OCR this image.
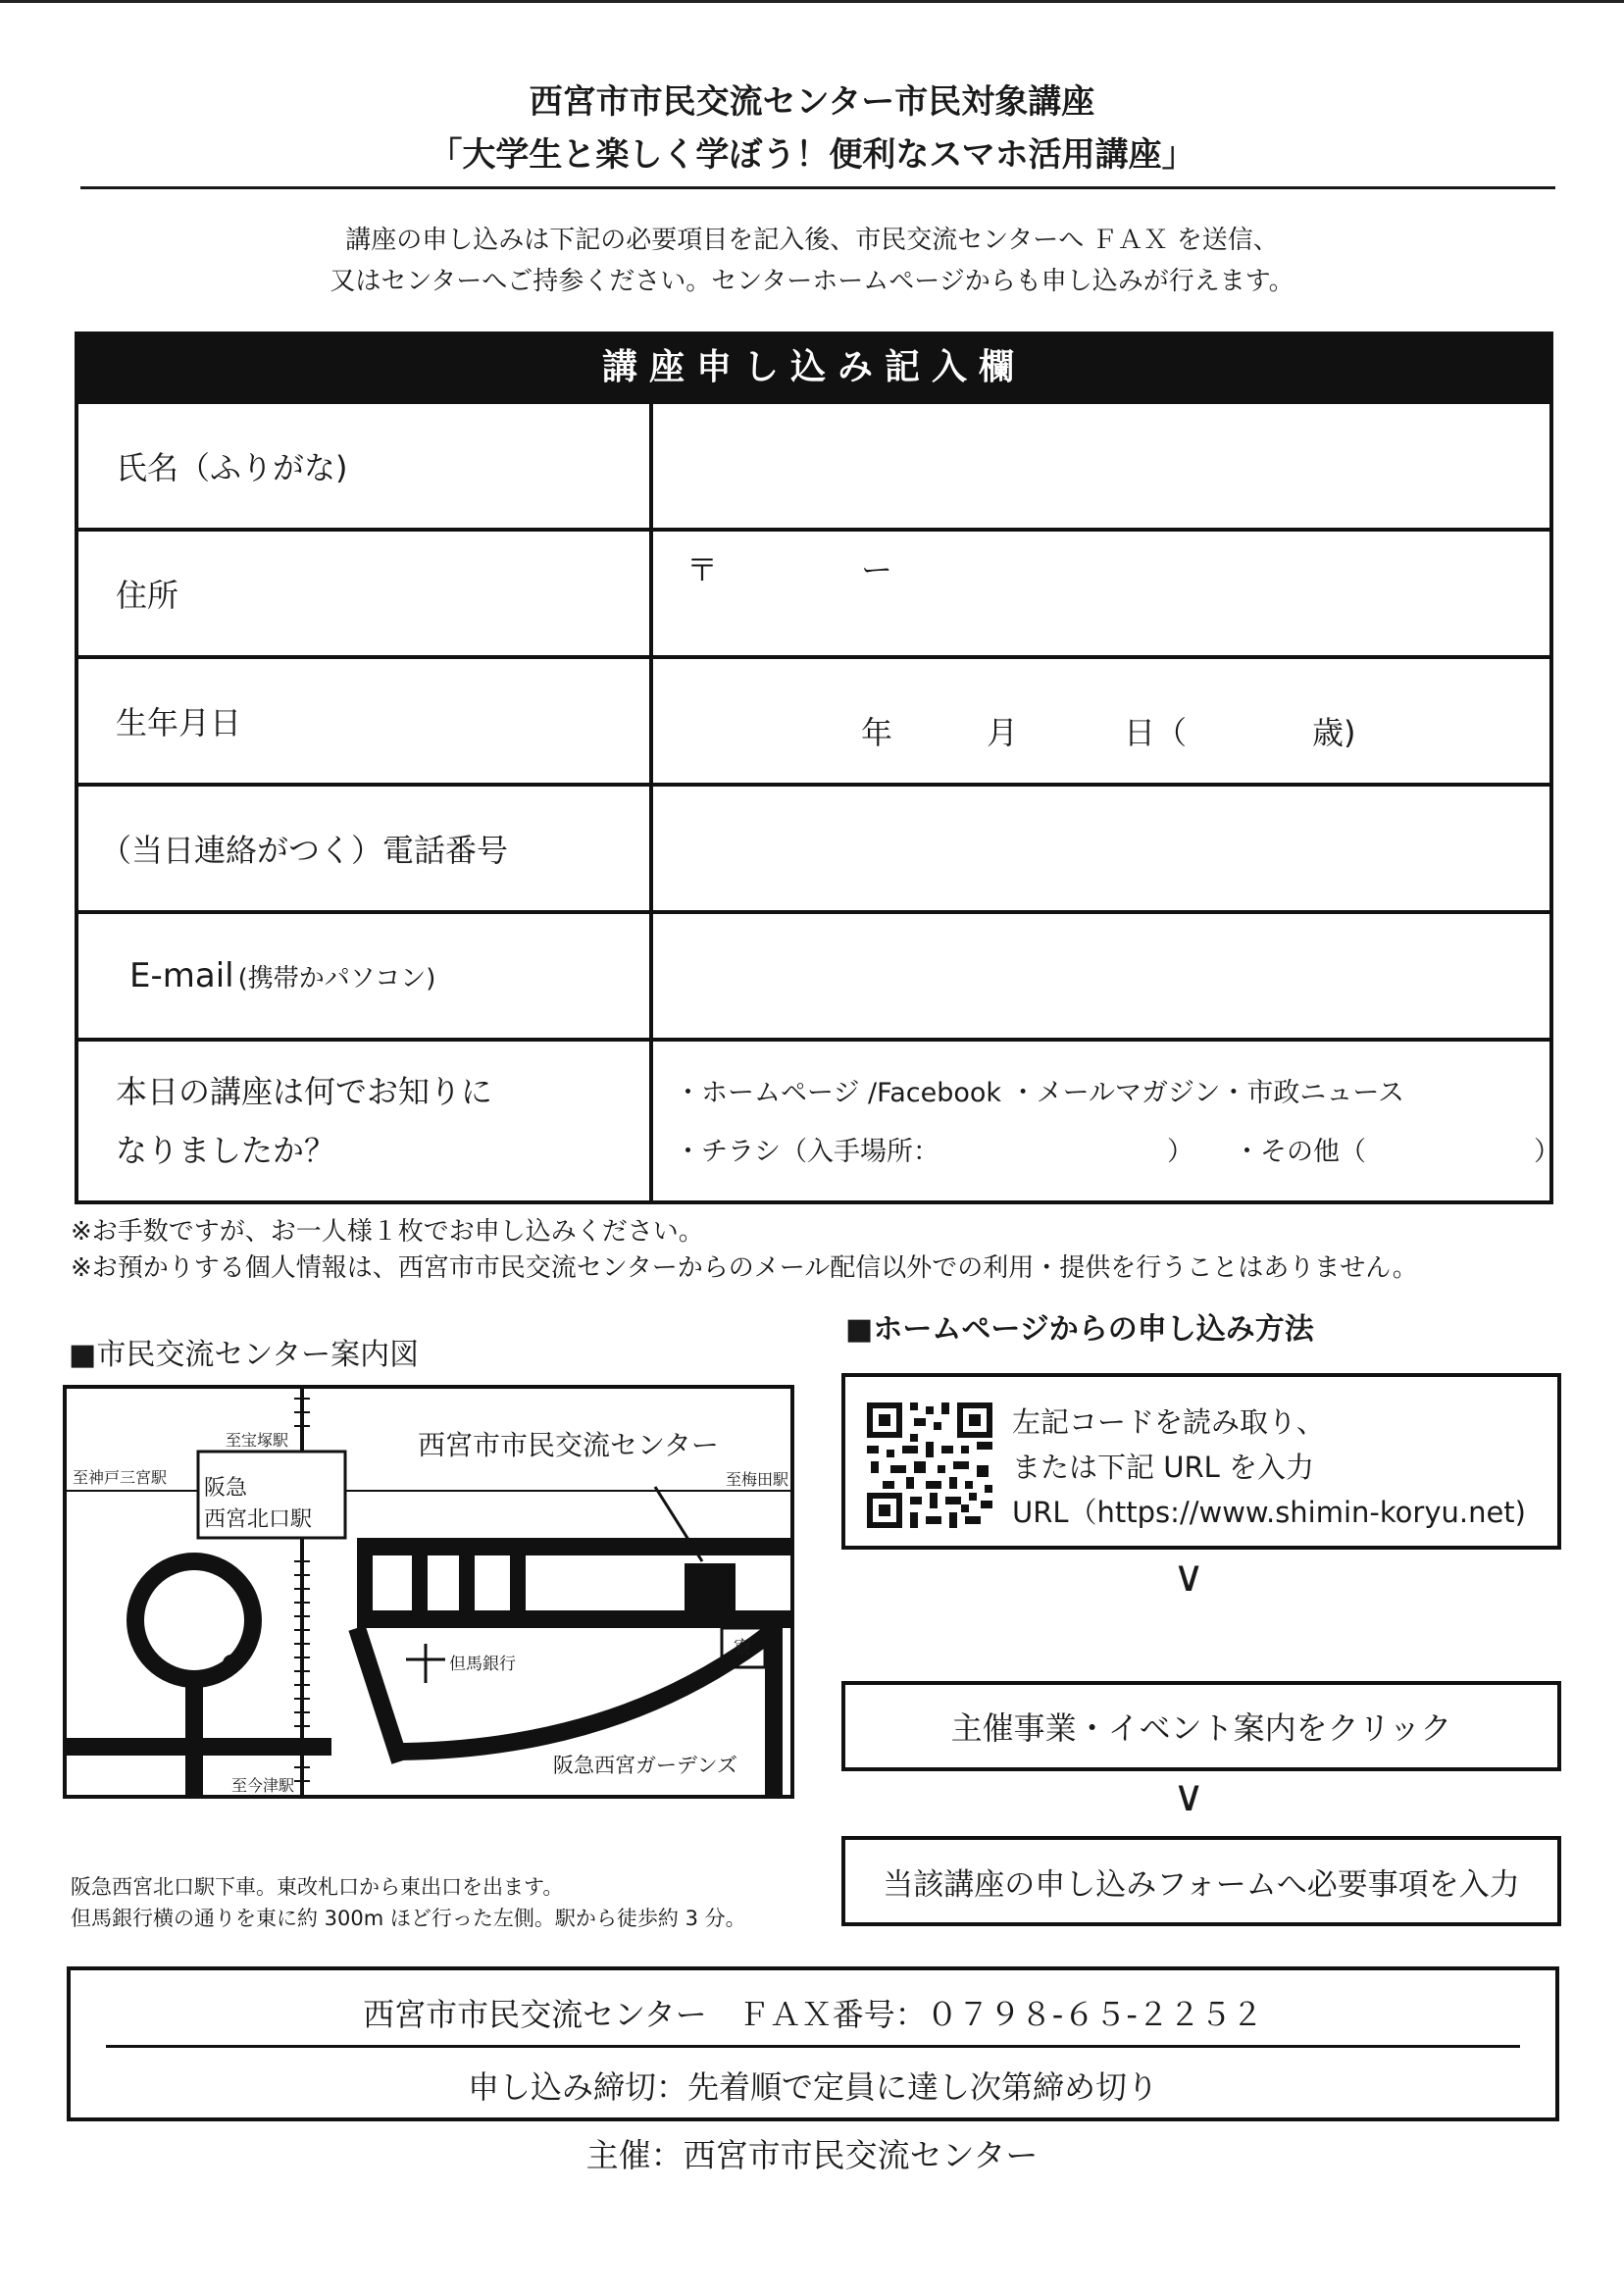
西宮市市民交流センター市民対象講座
「大学生と楽しく学ぼう！便利なスマホ活用講座」
講座の申し込みは下記の必要項目を記入後、市民交流センターへ ＦＡＸ を送信、
又はセンターへご持参ください。センターホームページからも申し込みが行えます。
講座申し込み記入欄
氏名（ふりがな)
住所
〒	ー
生年月日	年	月	日（	歳)
（当日連絡がつく）電話番号
E-mail (携帯かパソコン)
本日の講座は何でお知りに
なりましたか？
・ホームページ /Facebook ・メールマガジン・市政ニュース
・チラシ（入手場所：	） ・その他（	）
※お手数ですが、お一人様１枚でお申し込みください。
※お預かりする個人情報は、西宮市市民交流センターからのメール配信以外での利用・提供を行うことはありません。
■市民交流センター案内図
至宝塚駅
至神戸三宮駅 阪急
西宮北口駅
西宮市市民交流センター
至梅田駅
但馬銀行
寮
阪急西宮ガーデンズ
至今津駅
阪急西宮北口駅下車。東改札口から東出口を出ます。
但馬銀行横の通りを東に約 300m ほど行った左側。駅から徒歩約 3 分。
■ホームページからの申し込み方法
左記コードを読み取り、
または下記 URL を入力
URL（https://www.shimin-koryu.net)
∨
主催事業・イベント案内をクリック
∨
当該講座の申し込みフォームへ必要事項を入力
西宮市市民交流センター　ＦＡＸ番号：０７９８-６５-２２５２
申し込み締切：先着順で定員に達し次第締め切り
主催：西宮市市民交流センター
